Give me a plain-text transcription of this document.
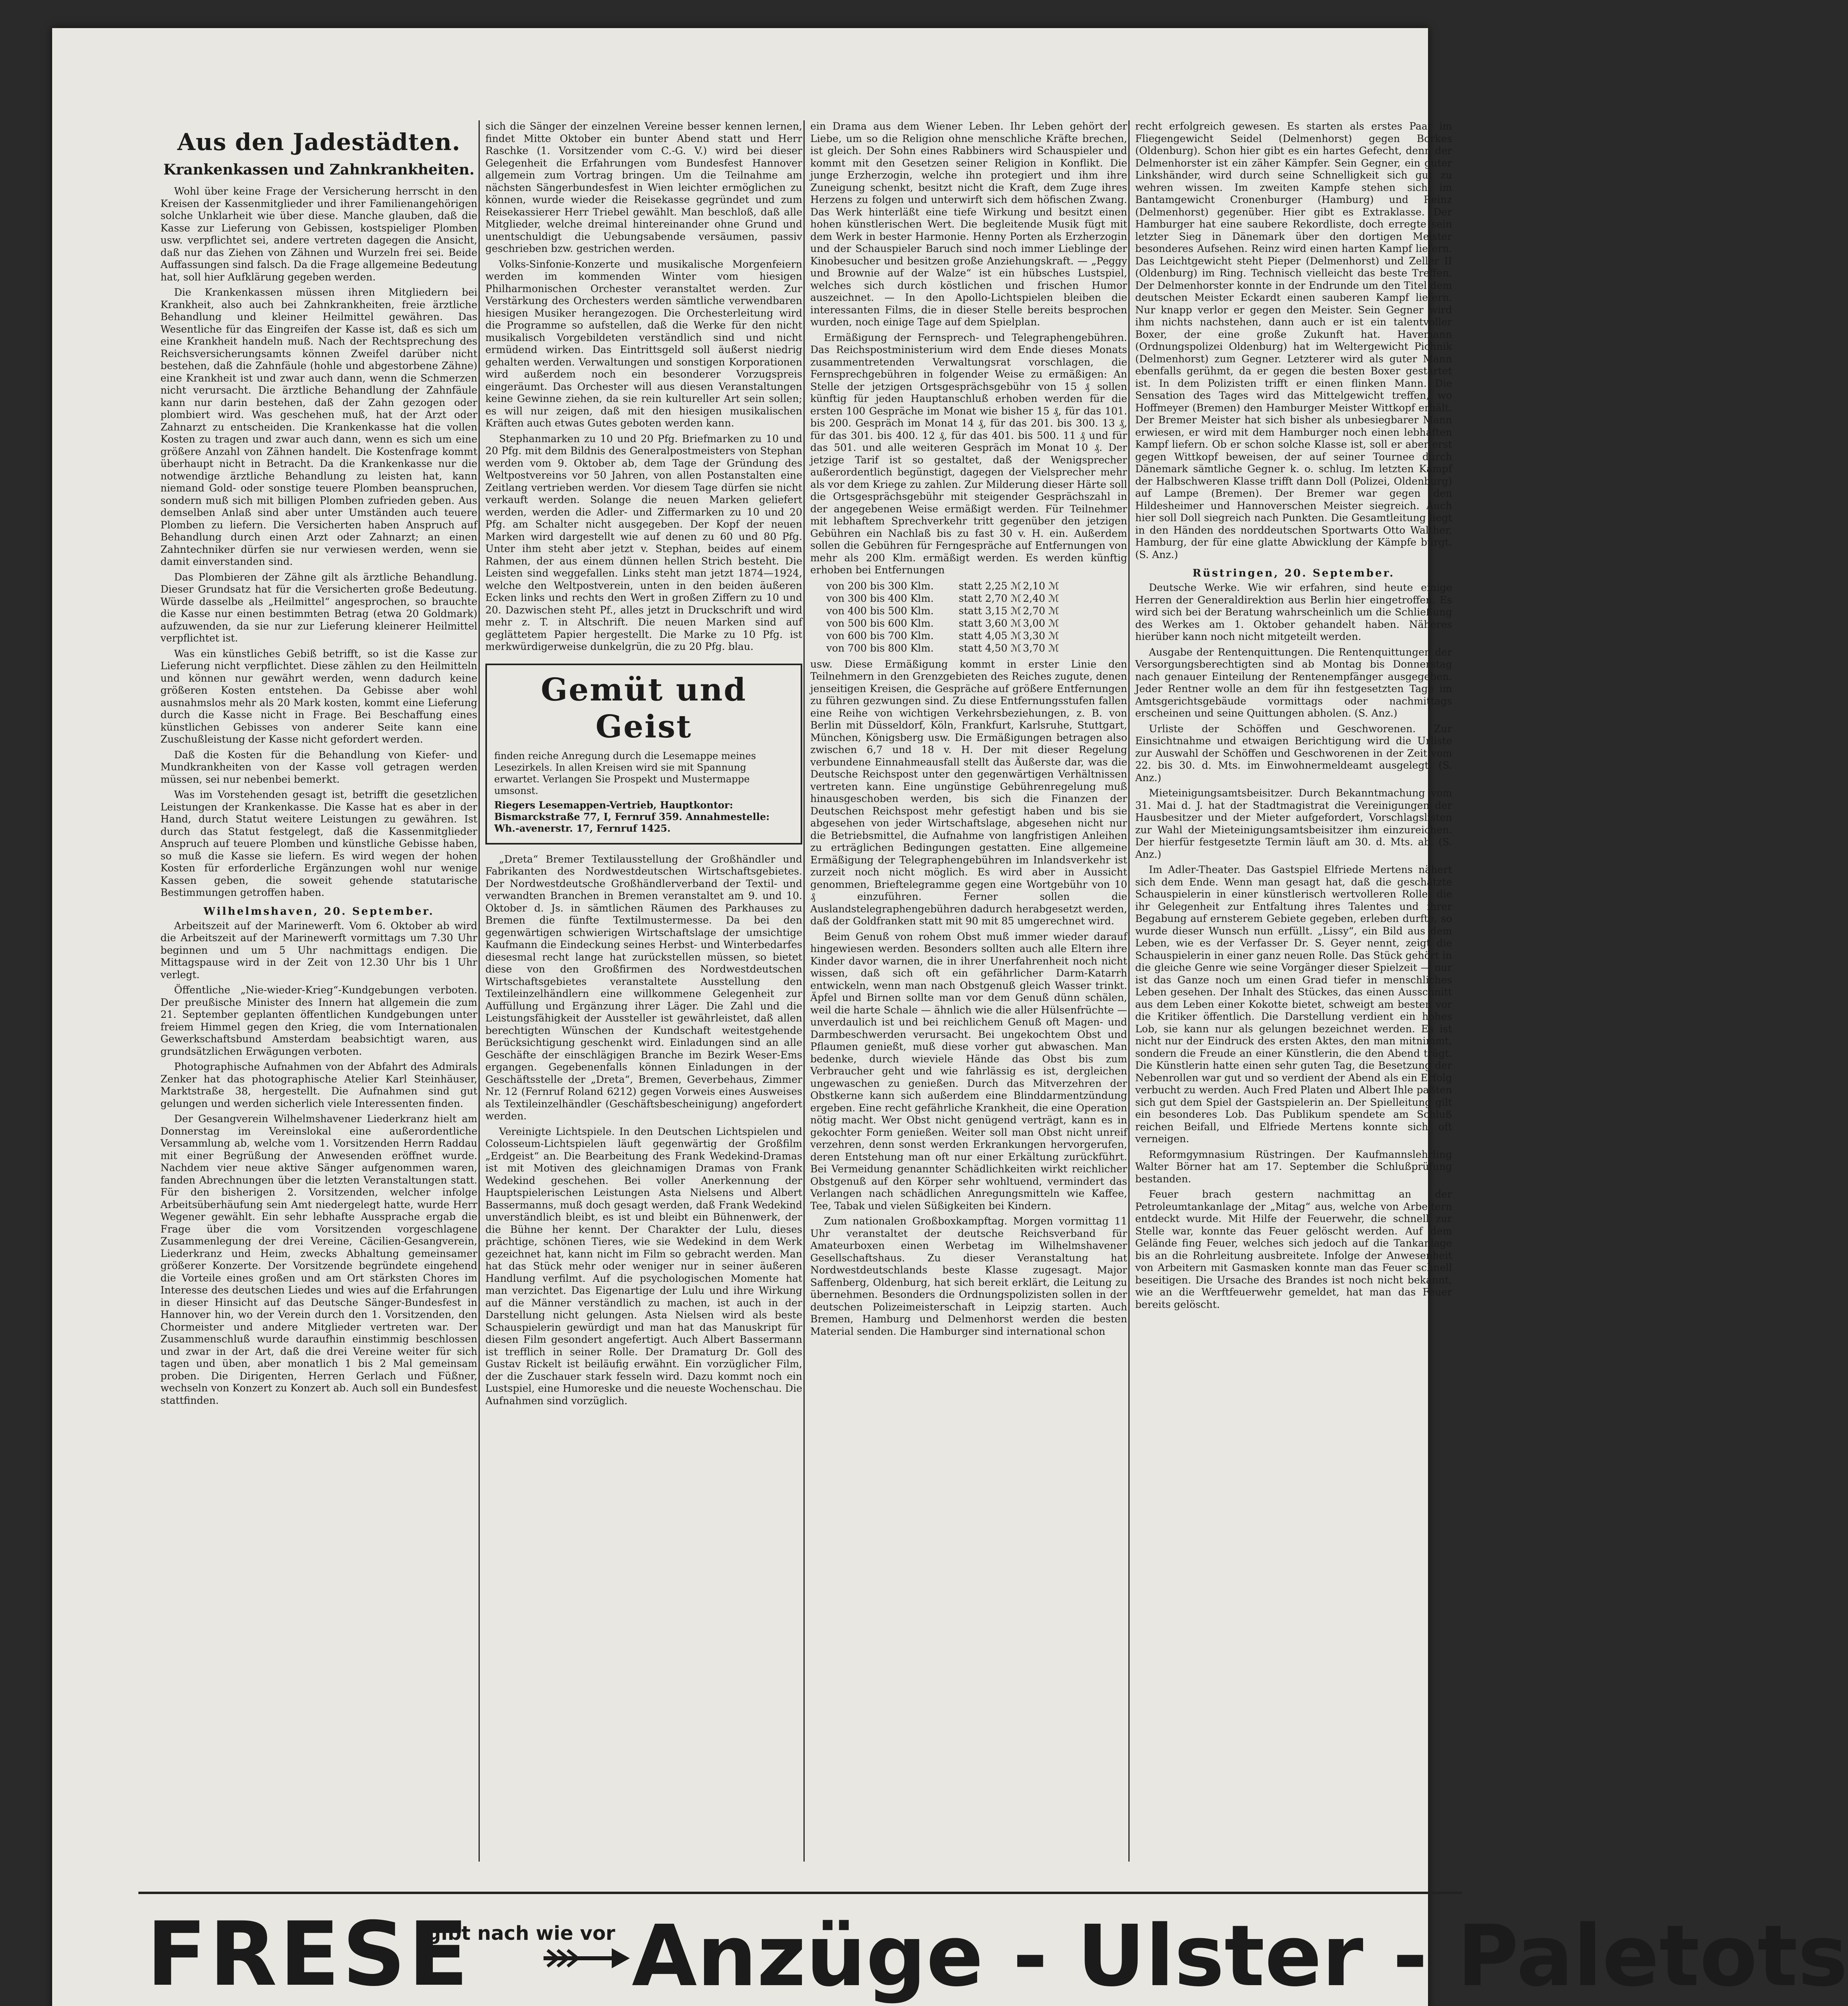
Aus den Jadestädten.
Krankenkassen und Zahnkrankheiten.

Wohl über keine Frage der Versicherung herrscht in den Kreisen der Kassenmitglieder und ihrer Familienangehörigen solche Unklarheit wie über diese. Manche glauben, daß die Kasse zur Lieferung von Gebissen, kostspieliger Plomben usw. verpflichtet sei, andere vertreten dagegen die Ansicht, daß nur das Ziehen von Zähnen und Wurzeln frei sei. Beide Auffassungen sind falsch. Da die Frage allgemeine Bedeutung hat, soll hier Aufklärung gegeben werden.

Die Krankenkassen müssen ihren Mitgliedern bei Krankheit, also auch bei Zahnkrankheiten, freie ärztliche Behandlung und kleiner Heilmittel gewähren. Das Wesentliche für das Eingreifen der Kasse ist, daß es sich um eine Krankheit handeln muß. Nach der Rechtsprechung des Reichsversicherungsamts können Zweifel darüber nicht bestehen, daß die Zahnfäule (hohle und abgestorbene Zähne) eine Krankheit ist und zwar auch dann, wenn die Schmerzen nicht verursacht. Die ärztliche Behandlung der Zahnfäule kann nur darin bestehen, daß der Zahn gezogen oder plombiert wird. Was geschehen muß, hat der Arzt oder Zahnarzt zu entscheiden. Die Krankenkasse hat die vollen Kosten zu tragen und zwar auch dann, wenn es sich um eine größere Anzahl von Zähnen handelt. Die Kostenfrage kommt überhaupt nicht in Betracht. Da die Krankenkasse nur die notwendige ärztliche Behandlung zu leisten hat, kann niemand Gold- oder sonstige teuere Plomben beanspruchen, sondern muß sich mit billigen Plomben zufrieden geben. Aus demselben Anlaß sind aber unter Umständen auch teuere Plomben zu liefern. Die Versicherten haben Anspruch auf Behandlung durch einen Arzt oder Zahnarzt; an einen Zahntechniker dürfen sie nur verwiesen werden, wenn sie damit einverstanden sind.

Das Plombieren der Zähne gilt als ärztliche Behandlung. Dieser Grundsatz hat für die Versicherten große Bedeutung. Würde dasselbe als „Heilmittel“ angesprochen, so brauchte die Kasse nur einen bestimmten Betrag (etwa 20 Goldmark) aufzuwenden, da sie nur zur Lieferung kleinerer Heilmittel verpflichtet ist.

Was ein künstliches Gebiß betrifft, so ist die Kasse zur Lieferung nicht verpflichtet. Diese zählen zu den Heilmitteln und können nur gewährt werden, wenn dadurch keine größeren Kosten entstehen. Da Gebisse aber wohl ausnahmslos mehr als 20 Mark kosten, kommt eine Lieferung durch die Kasse nicht in Frage. Bei Beschaffung eines künstlichen Gebisses von anderer Seite kann eine Zuschußleistung der Kasse nicht gefordert werden.

Daß die Kosten für die Behandlung von Kiefer- und Mundkrankheiten von der Kasse voll getragen werden müssen, sei nur nebenbei bemerkt.

Was im Vorstehenden gesagt ist, betrifft die gesetzlichen Leistungen der Krankenkasse. Die Kasse hat es aber in der Hand, durch Statut weitere Leistungen zu gewähren. Ist durch das Statut festgelegt, daß die Kassenmitglieder Anspruch auf teuere Plomben und künstliche Gebisse haben, so muß die Kasse sie liefern. Es wird wegen der hohen Kosten für erforderliche Ergänzungen wohl nur wenige Kassen geben, die soweit gehende statutarische Bestimmungen getroffen haben.

Wilhelmshaven, 20. September.

Arbeitszeit auf der Marinewerft. Vom 6. Oktober ab wird die Arbeitszeit auf der Marinewerft vormittags um 7.30 Uhr beginnen und um 5 Uhr nachmittags endigen. Die Mittagspause wird in der Zeit von 12.30 Uhr bis 1 Uhr verlegt.

Öffentliche „Nie-wieder-Krieg“-Kundgebungen verboten. Der preußische Minister des Innern hat allgemein die zum 21. September geplanten öffentlichen Kundgebungen unter freiem Himmel gegen den Krieg, die vom Internationalen Gewerkschaftsbund Amsterdam beabsichtigt waren, aus grundsätzlichen Erwägungen verboten.

Photographische Aufnahmen von der Abfahrt des Admirals Zenker hat das photographische Atelier Karl Steinhäuser, Marktstraße 38, hergestellt. Die Aufnahmen sind gut gelungen und werden sicherlich viele Interessenten finden.

Der Gesangverein Wilhelmshavener Liederkranz hielt am Donnerstag im Vereinslokal eine außerordentliche Versammlung ab, welche vom 1. Vorsitzenden Herrn Raddau mit einer Begrüßung der Anwesenden eröffnet wurde. Nachdem vier neue aktive Sänger aufgenommen waren, fanden Abrechnungen über die letzten Veranstaltungen statt. Für den bisherigen 2. Vorsitzenden, welcher infolge Arbeitsüberhäufung sein Amt niedergelegt hatte, wurde Herr Wegener gewählt. Ein sehr lebhafte Aussprache ergab die Frage über die vom Vorsitzenden vorgeschlagene Zusammenlegung der drei Vereine, Cäcilien-Gesangverein, Liederkranz und Heim, zwecks Abhaltung gemeinsamer größerer Konzerte. Der Vorsitzende begründete eingehend die Vorteile eines großen und am Ort stärksten Chores im Interesse des deutschen Liedes und wies auf die Erfahrungen in dieser Hinsicht auf das Deutsche Sänger-Bundesfest in Hannover hin, wo der Verein durch den 1. Vorsitzenden, den Chormeister und andere Mitglieder vertreten war. Der Zusammenschluß wurde daraufhin einstimmig beschlossen und zwar in der Art, daß die drei Vereine weiter für sich tagen und üben, aber monatlich 1 bis 2 Mal gemeinsam proben. Die Dirigenten, Herren Gerlach und Füßner, wechseln von Konzert zu Konzert ab. Auch soll ein Bundesfest stattfinden.

sich die Sänger der einzelnen Vereine besser kennen lernen, findet Mitte Oktober ein bunter Abend statt und Herr Raschke (1. Vorsitzender vom C.-G. V.) wird bei dieser Gelegenheit die Erfahrungen vom Bundesfest Hannover allgemein zum Vortrag bringen. Um die Teilnahme am nächsten Sängerbundesfest in Wien leichter ermöglichen zu können, wurde wieder die Reisekasse gegründet und zum Reisekassierer Herr Triebel gewählt. Man beschloß, daß alle Mitglieder, welche dreimal hintereinander ohne Grund und unentschuldigt die Uebungsabende versäumen, passiv geschrieben bzw. gestrichen werden.

Volks-Sinfonie-Konzerte und musikalische Morgenfeiern werden im kommenden Winter vom hiesigen Philharmonischen Orchester veranstaltet werden. Zur Verstärkung des Orchesters werden sämtliche verwendbaren hiesigen Musiker herangezogen. Die Orchesterleitung wird die Programme so aufstellen, daß die Werke für den nicht musikalisch Vorgebildeten verständlich sind und nicht ermüdend wirken. Das Eintrittsgeld soll äußerst niedrig gehalten werden. Verwaltungen und sonstigen Korporationen wird außerdem noch ein besonderer Vorzugspreis eingeräumt. Das Orchester will aus diesen Veranstaltungen keine Gewinne ziehen, da sie rein kultureller Art sein sollen; es will nur zeigen, daß mit den hiesigen musikalischen Kräften auch etwas Gutes geboten werden kann.

Stephanmarken zu 10 und 20 Pfg. Briefmarken zu 10 und 20 Pfg. mit dem Bildnis des Generalpostmeisters von Stephan werden vom 9. Oktober ab, dem Tage der Gründung des Weltpostvereins vor 50 Jahren, von allen Postanstalten eine Zeitlang vertrieben werden. Vor diesem Tage dürfen sie nicht verkauft werden. Solange die neuen Marken geliefert werden, werden die Adler- und Ziffermarken zu 10 und 20 Pfg. am Schalter nicht ausgegeben. Der Kopf der neuen Marken wird dargestellt wie auf denen zu 60 und 80 Pfg. Unter ihm steht aber jetzt v. Stephan, beides auf einem Rahmen, der aus einem dünnen hellen Strich besteht. Die Leisten sind weggefallen. Links steht man jetzt 1874—1924, welche den Weltpostverein, unten in den beiden äußeren Ecken links und rechts den Wert in großen Ziffern zu 10 und 20. Dazwischen steht Pf., alles jetzt in Druckschrift und wird mehr z. T. in Altschrift. Die neuen Marken sind auf geglättetem Papier hergestellt. Die Marke zu 10 Pfg. ist merkwürdigerweise dunkelgrün, die zu 20 Pfg. blau.

Gemüt und Geist

finden reiche Anregung durch die Lesemappe meines Lesezirkels. In allen Kreisen wird sie mit Spannung erwartet. Verlangen Sie Prospekt und Mustermappe umsonst.

Riegers Lesemappen-Vertrieb, Hauptkontor: Bismarckstraße 77, I, Fernruf 359. Annahmestelle: Wh.-avenerstr. 17, Fernruf 1425.

„Dreta“ Bremer Textilausstellung der Großhändler und Fabrikanten des Nordwestdeutschen Wirtschaftsgebietes. Der Nordwestdeutsche Großhändlerverband der Textil- und verwandten Branchen in Bremen veranstaltet am 9. und 10. Oktober d. Js. in sämtlichen Räumen des Parkhauses zu Bremen die fünfte Textilmustermesse. Da bei den gegenwärtigen schwierigen Wirtschaftslage der umsichtige Kaufmann die Eindeckung seines Herbst- und Winterbedarfes diesesmal recht lange hat zurückstellen müssen, so bietet diese von den Großfirmen des Nordwestdeutschen Wirtschaftsgebietes veranstaltete Ausstellung den Textileinzelhändlern eine willkommene Gelegenheit zur Auffüllung und Ergänzung ihrer Läger. Die Zahl und die Leistungsfähigkeit der Aussteller ist gewährleistet, daß allen berechtigten Wünschen der Kundschaft weitestgehende Berücksichtigung geschenkt wird. Einladungen sind an alle Geschäfte der einschlägigen Branche im Bezirk Weser-Ems ergangen. Gegebenenfalls können Einladungen in der Geschäftsstelle der „Dreta“, Bremen, Geverbehaus, Zimmer Nr. 12 (Fernruf Roland 6212) gegen Vorweis eines Ausweises als Textileinzelhändler (Geschäftsbescheinigung) angefordert werden.

Vereinigte Lichtspiele. In den Deutschen Lichtspielen und Colosseum-Lichtspielen läuft gegenwärtig der Großfilm „Erdgeist“ an. Die Bearbeitung des Frank Wedekind-Dramas ist mit Motiven des gleichnamigen Dramas von Frank Wedekind geschehen. Bei voller Anerkennung der Hauptspielerischen Leistungen Asta Nielsens und Albert Bassermanns, muß doch gesagt werden, daß Frank Wedekind unverständlich bleibt, es ist und bleibt ein Bühnenwerk, der die Bühne her kennt. Der Charakter der Lulu, dieses prächtige, schönen Tieres, wie sie Wedekind in dem Werk gezeichnet hat, kann nicht im Film so gebracht werden. Man hat das Stück mehr oder weniger nur in seiner äußeren Handlung verfilmt. Auf die psychologischen Momente hat man verzichtet. Das Eigenartige der Lulu und ihre Wirkung auf die Männer verständlich zu machen, ist auch in der Darstellung nicht gelungen. Asta Nielsen wird als beste Schauspielerin gewürdigt und man hat das Manuskript für diesen Film gesondert angefertigt. Auch Albert Bassermann ist trefflich in seiner Rolle. Der Dramaturg Dr. Goll des Gustav Rickelt ist beiläufig erwähnt. Ein vorzüglicher Film, der die Zuschauer stark fesseln wird. Dazu kommt noch ein Lustspiel, eine Humoreske und die neueste Wochenschau. Die Aufnahmen sind vorzüglich.

ein Drama aus dem Wiener Leben. Ihr Leben gehört der Liebe, um so die Religion ohne menschliche Kräfte brechen, ist gleich. Der Sohn eines Rabbiners wird Schauspieler und kommt mit den Gesetzen seiner Religion in Konflikt. Die junge Erzherzogin, welche ihn protegiert und ihm ihre Zuneigung schenkt, besitzt nicht die Kraft, dem Zuge ihres Herzens zu folgen und unterwirft sich dem höfischen Zwang. Das Werk hinterläßt eine tiefe Wirkung und besitzt einen hohen künstlerischen Wert. Die begleitende Musik fügt mit dem Werk in bester Harmonie. Henny Porten als Erzherzogin und der Schauspieler Baruch sind noch immer Lieblinge der Kinobesucher und besitzen große Anziehungskraft. — „Peggy und Brownie auf der Walze“ ist ein hübsches Lustspiel, welches sich durch köstlichen und frischen Humor auszeichnet. — In den Apollo-Lichtspielen bleiben die interessanten Films, die in dieser Stelle bereits besprochen wurden, noch einige Tage auf dem Spielplan.

Ermäßigung der Fernsprech- und Telegraphengebühren. Das Reichspostministerium wird dem Ende dieses Monats zusammentretenden Verwaltungsrat vorschlagen, die Fernsprechgebühren in folgender Weise zu ermäßigen: An Stelle der jetzigen Ortsgesprächsgebühr von 15 ₰ sollen künftig für jeden Hauptanschluß erhoben werden für die ersten 100 Gespräche im Monat wie bisher 15 ₰, für das 101. bis 200. Gespräch im Monat 14 ₰, für das 201. bis 300. 13 ₰, für das 301. bis 400. 12 ₰, für das 401. bis 500. 11 ₰ und für das 501. und alle weiteren Gespräch im Monat 10 ₰. Der jetzige Tarif ist so gestaltet, daß der Wenigsprecher außerordentlich begünstigt, dagegen der Vielsprecher mehr als vor dem Kriege zu zahlen. Zur Milderung dieser Härte soll die Ortsgesprächsgebühr mit steigender Gesprächszahl in der angegebenen Weise ermäßigt werden. Für Teilnehmer mit lebhaftem Sprechverkehr tritt gegenüber den jetzigen Gebühren ein Nachlaß bis zu fast 30 v. H. ein. Außerdem sollen die Gebühren für Ferngespräche auf Entfernungen von mehr als 200 Klm. ermäßigt werden. Es werden künftig erhoben bei Entfernungen

von 200 bis 300 Klm.	statt 2,25 ℳ 2,10 ℳ
von 300 bis 400 Klm.	statt 2,70 ℳ 2,40 ℳ
von 400 bis 500 Klm.	statt 3,15 ℳ 2,70 ℳ
von 500 bis 600 Klm.	statt 3,60 ℳ 3,00 ℳ
von 600 bis 700 Klm.	statt 4,05 ℳ 3,30 ℳ
von 700 bis 800 Klm.	statt 4,50 ℳ 3,70 ℳ

usw. Diese Ermäßigung kommt in erster Linie den Teilnehmern in den Grenzgebieten des Reiches zugute, denen jenseitigen Kreisen, die Gespräche auf größere Entfernungen zu führen gezwungen sind. Zu diese Entfernungsstufen fallen eine Reihe von wichtigen Verkehrsbeziehungen, z. B. von Berlin mit Düsseldorf, Köln, Frankfurt, Karlsruhe, Stuttgart, München, Königsberg usw. Die Ermäßigungen betragen also zwischen 6,7 und 18 v. H. Der mit dieser Regelung verbundene Einnahmeausfall stellt das Äußerste dar, was die Deutsche Reichspost unter den gegenwärtigen Verhältnissen vertreten kann. Eine ungünstige Gebührenregelung muß hinausgeschoben werden, bis sich die Finanzen der Deutschen Reichspost mehr gefestigt haben und bis sie abgesehen von jeder Wirtschaftslage, abgesehen nicht nur die Betriebsmittel, die Aufnahme von langfristigen Anleihen zu erträglichen Bedingungen gestatten. Eine allgemeine Ermäßigung der Telegraphengebühren im Inlandsverkehr ist zurzeit noch nicht möglich. Es wird aber in Aussicht genommen, Brieftelegramme gegen eine Wortgebühr von 10 ₰ einzuführen. Ferner sollen die Auslandstelegraphengebühren dadurch herabgesetzt werden, daß der Goldfranken statt mit 90 mit 85 umgerechnet wird.

Beim Genuß von rohem Obst muß immer wieder darauf hingewiesen werden. Besonders sollten auch alle Eltern ihre Kinder davor warnen, die in ihrer Unerfahrenheit noch nicht wissen, daß sich oft ein gefährlicher Darm-Katarrh entwickeln, wenn man nach Obstgenuß gleich Wasser trinkt. Äpfel und Birnen sollte man vor dem Genuß dünn schälen, weil die harte Schale — ähnlich wie die aller Hülsenfrüchte — unverdaulich ist und bei reichlichem Genuß oft Magen- und Darmbeschwerden verursacht. Bei ungekochtem Obst und Pflaumen genießt, muß diese vorher gut abwaschen. Man bedenke, durch wieviele Hände das Obst bis zum Verbraucher geht und wie fahrlässig es ist, dergleichen ungewaschen zu genießen. Durch das Mitverzehren der Obstkerne kann sich außerdem eine Blinddarmentzündung ergeben. Eine recht gefährliche Krankheit, die eine Operation nötig macht. Wer Obst nicht genügend verträgt, kann es in gekochter Form genießen. Weiter soll man Obst nicht unreif verzehren, denn sonst werden Erkrankungen hervorgerufen, deren Entstehung man oft nur einer Erkältung zurückführt. Bei Vermeidung genannter Schädlichkeiten wirkt reichlicher Obstgenuß auf den Körper sehr wohltuend, vermindert das Verlangen nach schädlichen Anregungsmitteln wie Kaffee, Tee, Tabak und vielen Süßigkeiten bei Kindern.

Zum nationalen Großboxkampftag. Morgen vormittag 11 Uhr veranstaltet der deutsche Reichsverband für Amateurboxen einen Werbetag im Wilhelmshavener Gesellschaftshaus. Zu dieser Veranstaltung hat Nordwestdeutschlands beste Klasse zugesagt. Major Saffenberg, Oldenburg, hat sich bereit erklärt, die Leitung zu übernehmen. Besonders die Ordnungspolizisten sollen in der deutschen Polizeimeisterschaft in Leipzig starten. Auch Bremen, Hamburg und Delmenhorst werden die besten Material senden. Die Hamburger sind international schon

recht erfolgreich gewesen. Es starten als erstes Paar im Fliegengewicht Seidel (Delmenhorst) gegen Borkes (Oldenburg). Schon hier gibt es ein hartes Gefecht, denn der Delmenhorster ist ein zäher Kämpfer. Sein Gegner, ein guter Linkshänder, wird durch seine Schnelligkeit sich gut zu wehren wissen. Im zweiten Kampfe stehen sich im Bantamgewicht Cronenburger (Hamburg) und Reinz (Delmenhorst) gegenüber. Hier gibt es Extraklasse. Der Hamburger hat eine saubere Rekordliste, doch erregte sein letzter Sieg in Dänemark über den dortigen Meister besonderes Aufsehen. Reinz wird einen harten Kampf liefern. Das Leichtgewicht steht Pieper (Delmenhorst) und Zeller II (Oldenburg) im Ring. Technisch vielleicht das beste Treffen. Der Delmenhorster konnte in der Endrunde um den Titel dem deutschen Meister Eckardt einen sauberen Kampf liefern. Nur knapp verlor er gegen den Meister. Sein Gegner wird ihm nichts nachstehen, dann auch er ist ein talentvoller Boxer, der eine große Zukunft hat. Havemann (Ordnungspolizei Oldenburg) hat im Weltergewicht Pichnik (Delmenhorst) zum Gegner. Letzterer wird als guter Mann ebenfalls gerühmt, da er gegen die besten Boxer gestartet ist. In dem Polizisten trifft er einen flinken Mann. Die Sensation des Tages wird das Mittelgewicht treffen, wo Hoffmeyer (Bremen) den Hamburger Meister Wittkopf erhält. Der Bremer Meister hat sich bisher als unbesiegbarer Mann erwiesen, er wird mit dem Hamburger noch einen lebhaften Kampf liefern. Ob er schon solche Klasse ist, soll er aber erst gegen Wittkopf beweisen, der auf seiner Tournee durch Dänemark sämtliche Gegner k. o. schlug. Im letzten Kampf der Halbschweren Klasse trifft dann Doll (Polizei, Oldenburg) auf Lampe (Bremen). Der Bremer war gegen den Hildesheimer und Hannoverschen Meister siegreich. Auch hier soll Doll siegreich nach Punkten. Die Gesamtleitung liegt in den Händen des norddeutschen Sportwarts Otto Walther, Hamburg, der für eine glatte Abwicklung der Kämpfe bürgt. (S. Anz.)

Rüstringen, 20. September.

Deutsche Werke. Wie wir erfahren, sind heute einige Herren der Generaldirektion aus Berlin hier eingetroffen. Es wird sich bei der Beratung wahrscheinlich um die Schließung des Werkes am 1. Oktober gehandelt haben. Näheres hierüber kann noch nicht mitgeteilt werden.

Ausgabe der Rentenquittungen. Die Rentenquittungen der Versorgungsberechtigten sind ab Montag bis Donnerstag nach genauer Einteilung der Rentenempfänger ausgegeben. Jeder Rentner wolle an dem für ihn festgesetzten Tage im Amtsgerichtsgebäude vormittags oder nachmittags erscheinen und seine Quittungen abholen. (S. Anz.)

Urliste der Schöffen und Geschworenen. Zur Einsichtnahme und etwaigen Berichtigung wird die Urliste zur Auswahl der Schöffen und Geschworenen in der Zeit vom 22. bis 30. d. Mts. im Einwohnermeldeamt ausgelegt. (S. Anz.)

Mieteinigungsamtsbeisitzer. Durch Bekanntmachung vom 31. Mai d. J. hat der Stadtmagistrat die Vereinigungen der Hausbesitzer und der Mieter aufgefordert, Vorschlagslisten zur Wahl der Mieteinigungsamtsbeisitzer ihm einzureichen. Der hierfür festgesetzte Termin läuft am 30. d. Mts. ab. (S. Anz.)

Im Adler-Theater. Das Gastspiel Elfriede Mertens nähert sich dem Ende. Wenn man gesagt hat, daß die geschätzte Schauspielerin in einer künstlerisch wertvolleren Rolle, die ihr Gelegenheit zur Entfaltung ihres Talentes und ihrer Begabung auf ernsterem Gebiete gegeben, erleben durfte, so wurde dieser Wunsch nun erfüllt. „Lissy“, ein Bild aus dem Leben, wie es der Verfasser Dr. S. Geyer nennt, zeigt die Schauspielerin in einer ganz neuen Rolle. Das Stück gehört in die gleiche Genre wie seine Vorgänger dieser Spielzeit — nur ist das Ganze noch um einen Grad tiefer in menschliches Leben gesehen. Der Inhalt des Stückes, das einen Ausschnitt aus dem Leben einer Kokotte bietet, schweigt am besten vor die Kritiker öffentlich. Die Darstellung verdient ein hohes Lob, sie kann nur als gelungen bezeichnet werden. Es ist nicht nur der Eindruck des ersten Aktes, den man mitnimmt, sondern die Freude an einer Künstlerin, die den Abend trägt. Die Künstlerin hatte einen sehr guten Tag, die Besetzung der Nebenrollen war gut und so verdient der Abend als ein Erfolg verbucht zu werden. Auch Fred Platen und Albert Ihle paßten sich gut dem Spiel der Gastspielerin an. Der Spielleitung gilt ein besonderes Lob. Das Publikum spendete am Schluß reichen Beifall, und Elfriede Mertens konnte sich oft verneigen.

Reformgymnasium Rüstringen. Der Kaufmannslehrling Walter Börner hat am 17. September die Schlußprüfung bestanden.

Feuer brach gestern nachmittag an der Petroleumtankanlage der „Mitag“ aus, welche von Arbeitern entdeckt wurde. Mit Hilfe der Feuerwehr, die schnell zur Stelle war, konnte das Feuer gelöscht werden. Auf dem Gelände fing Feuer, welches sich jedoch auf die Tankanlage bis an die Rohrleitung ausbreitete. Infolge der Anwesenheit von Arbeitern mit Gasmasken konnte man das Feuer schnell beseitigen. Die Ursache des Brandes ist noch nicht bekannt, wie an die Werftfeuerwehr gemeldet, hat man das Feuer bereits gelöscht.

FRESE
gibt nach wie vor Anzüge - Ulster - Paletots
